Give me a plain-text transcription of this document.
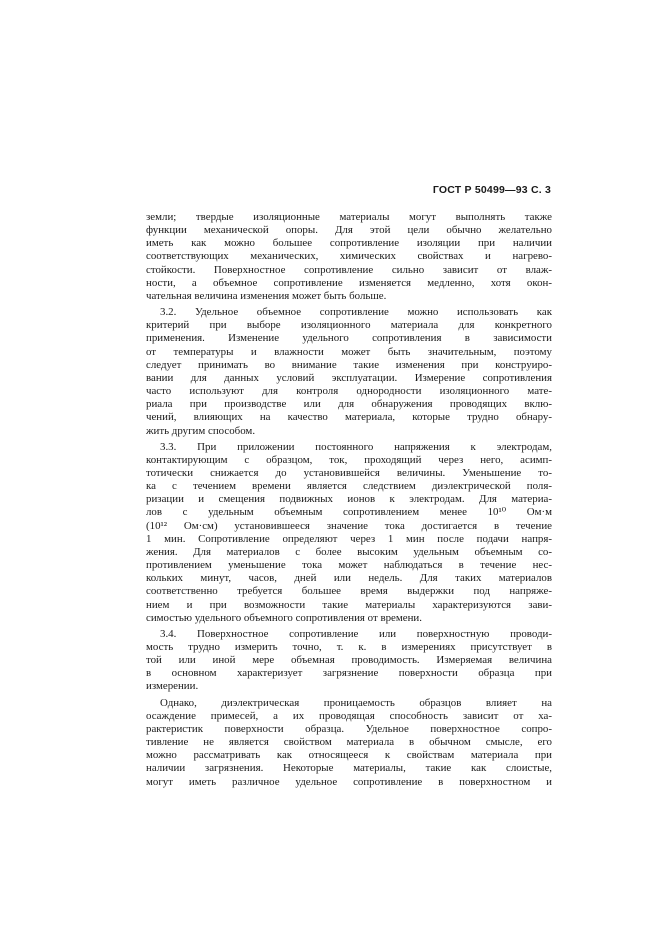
ГОСТ Р 50499—93 С. 3
земли; твердые изоляционные материалы могут выполнять также
функции механической опоры. Для этой цели обычно желательно
иметь как можно большее сопротивление изоляции при наличии
соответствующих механических, химических свойствах и нагрево-
стойкости. Поверхностное сопротивление сильно зависит от влаж-
ности, а объемное сопротивление изменяется медленно, хотя окон-
чательная величина изменения может быть больше.
3.2. Удельное объемное сопротивление можно использовать как
критерий при выборе изоляционного материала для конкретного
применения. Изменение удельного сопротивления в зависимости
от температуры и влажности может быть значительным, поэтому
следует принимать во внимание такие изменения при конструиро-
вании для данных условий эксплуатации. Измерение сопротивления
часто используют для контроля однородности изоляционного мате-
риала при производстве или для обнаружения проводящих вклю-
чений, влияющих на качество материала, которые трудно обнару-
жить другим способом.
3.3. При приложении постоянного напряжения к электродам,
контактирующим с образцом, ток, проходящий через него, асимп-
тотически снижается до установившейся величины. Уменьшение то-
ка с течением времени является следствием диэлектрической поля-
ризации и смещения подвижных ионов к электродам. Для материа-
лов с удельным объемным сопротивлением менее 10¹⁰ Ом·м
(10¹² Ом·см) установившееся значение тока достигается в течение
1 мин. Сопротивление определяют через 1 мин после подачи напря-
жения. Для материалов с более высоким удельным объемным со-
противлением уменьшение тока может наблюдаться в течение нес-
кольких минут, часов, дней или недель. Для таких материалов
соответственно требуется большее время выдержки под напряже-
нием и при возможности такие материалы характеризуются зави-
симостью удельного объемного сопротивления от времени.
3.4. Поверхностное сопротивление или поверхностную проводи-
мость трудно измерить точно, т. к. в измерениях присутствует в
той или иной мере объемная проводимость. Измеряемая величина
в основном характеризует загрязнение поверхности образца при
измерении.
Однако, диэлектрическая проницаемость образцов влияет на
осаждение примесей, а их проводящая способность зависит от ха-
рактеристик поверхности образца. Удельное поверхностное сопро-
тивление не является свойством материала в обычном смысле, его
можно рассматривать как относящееся к свойствам материала при
наличии загрязнения. Некоторые материалы, такие как слоистые,
могут иметь различное удельное сопротивление в поверхностном и
